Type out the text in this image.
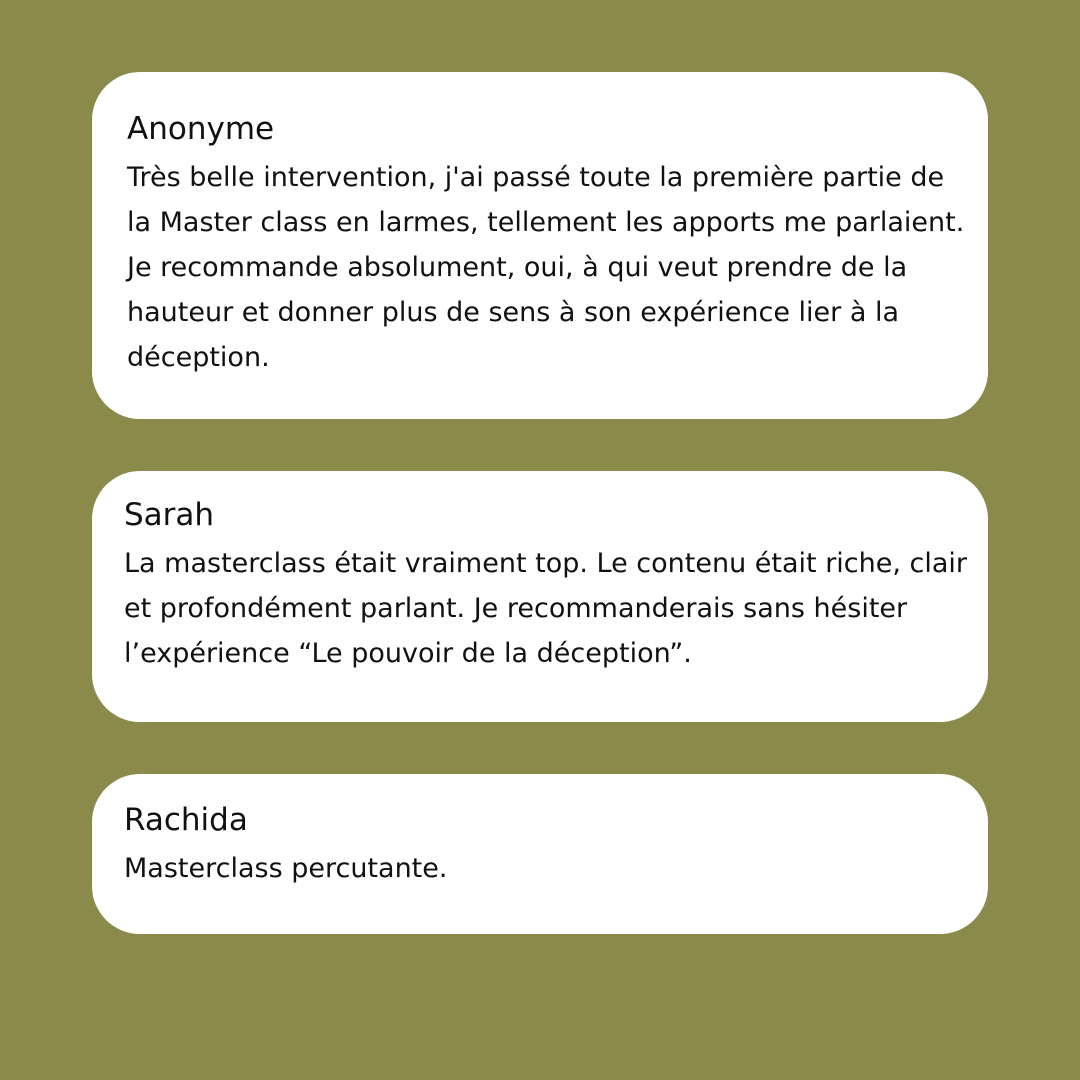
Anonyme

Très belle intervention, j'ai passé toute la première partie de la Master class en larmes, tellement les apports me parlaient. Je recommande absolument, oui, à qui veut prendre de la hauteur et donner plus de sens à son expérience lier à la déception.

Sarah

La masterclass était vraiment top. Le contenu était riche, clair et profondément parlant. Je recommanderais sans hésiter l’expérience “Le pouvoir de la déception”.

Rachida

Masterclass percutante.
